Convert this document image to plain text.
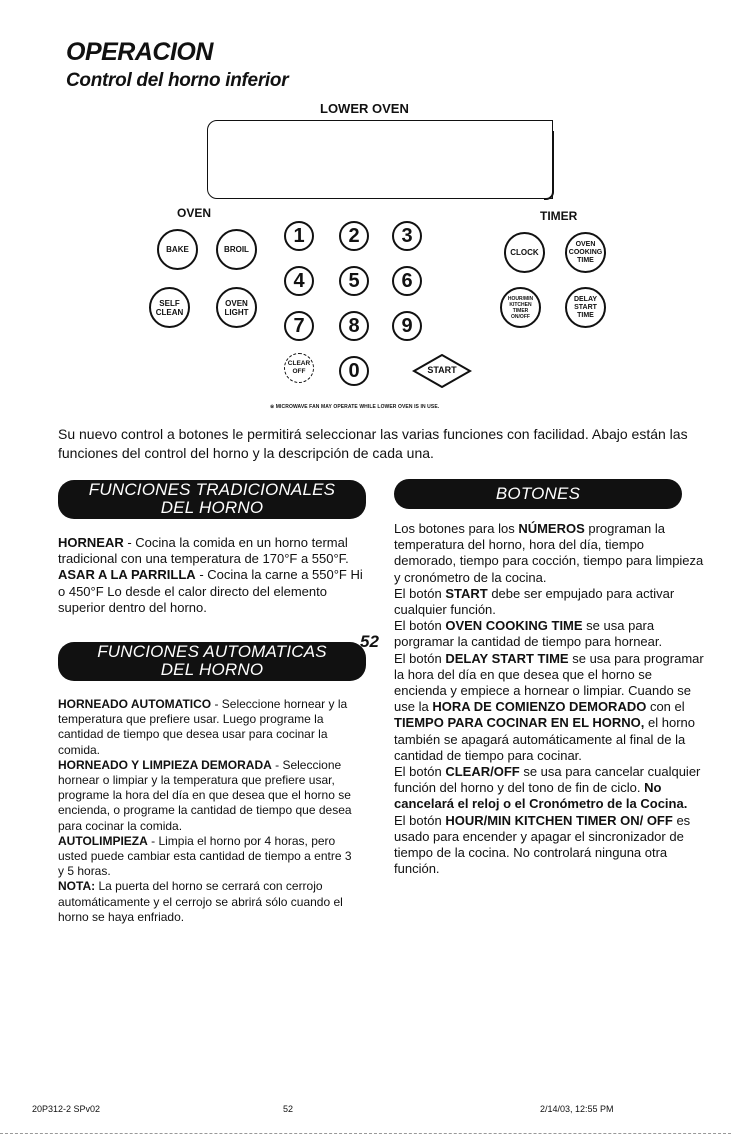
OPERACION
Control del horno inferior
LOWER OVEN
OVEN	TIMER
BAKE	BROIL
SELF
CLEAN
OVEN
LIGHT
1	2	3
4	5	6
7	8	9
0
CLEAR
OFF	START
CLOCK
OVEN
COOKING
TIME
HOUR/MIN
KITCHEN
TIMER
ON/OFF
DELAY
START
TIME
※ MICROWAVE FAN MAY OPERATE WHILE LOWER OVEN IS IN USE.
Su nuevo control a botones le permitirá seleccionar las varias funciones con facilidad. Abajo están las funciones del control del horno y la descripción de cada una.
FUNCIONES TRADICIONALES
DEL HORNO

HORNEAR - Cocina la comida en un horno termal tradicional con una temperatura de 170°F a 550°F.

ASAR A LA PARRILLA - Cocina la carne a 550°F Hi o 450°F Lo desde el calor directo del elemento superior dentro del horno.

FUNCIONES AUTOMATICAS
DEL HORNO

HORNEADO AUTOMATICO - Seleccione hornear y la temperatura que prefiere usar. Luego programe la cantidad de tiempo que desea usar para cocinar la comida.

HORNEADO Y LIMPIEZA DEMORADA - Seleccione hornear o limpiar y la temperatura que prefiere usar, programe la hora del día en que desea que el horno se encienda, o programe la cantidad de tiempo que desea para cocinar la comida.

AUTOLIMPIEZA - Limpia el horno por 4 horas, pero usted puede cambiar esta cantidad de tiempo a entre 3 y 5 horas.

NOTA: La puerta del horno se cerrará con cerrojo automáticamente y el cerrojo se abrirá sólo cuando el horno se haya enfriado.

BOTONES

Los botones para los NÚMEROS programan la temperatura del horno, hora del día, tiempo demorado, tiempo para cocción, tiempo para limpieza y cronómetro de la cocina.

El botón START debe ser empujado para activar cualquier función.

El botón OVEN COOKING TIME se usa para porgramar la cantidad de tiempo para hornear.

El botón DELAY START TIME se usa para programar la hora del día en que desea que el horno se encienda y empiece a hornear o limpiar. Cuando se use la HORA DE COMIENZO DEMORADO con el TIEMPO PARA COCINAR EN EL HORNO, el horno también se apagará automáticamente al final de la cantidad de tiempo para cocinar.

El botón CLEAR/OFF se usa para cancelar cualquier función del horno y del tono de fin de ciclo. No cancelará el reloj o el Cronómetro de la Cocina.

El botón HOUR/MIN KITCHEN TIMER ON/ OFF es usado para encender y apagar el sincronizador de tiempo de la cocina. No controlará ninguna otra función.

52
20P312-2 SPv02	52	2/14/03, 12:55 PM
